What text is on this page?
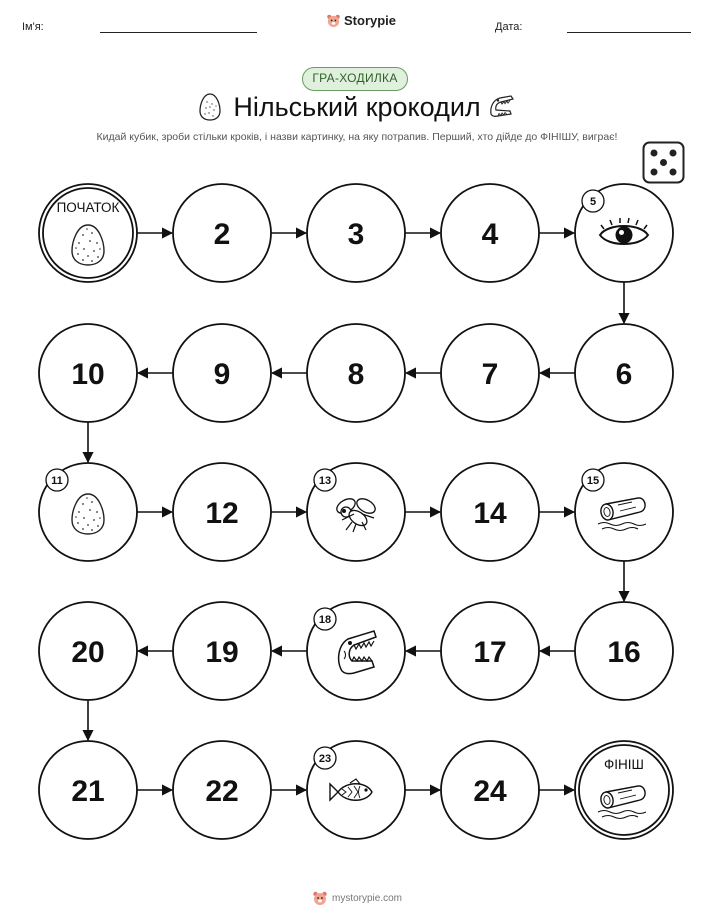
Ім'я:	Storypie	Дата:
ГРА-ХОДИЛКА
Нільський крокодил
Кидай кубик, зроби стільки кроків, і назви картинку, на яку потрапив. Перший, хто дійде до ФІНІШУ, виграє!
ПОЧАТОК
2	3	4
5
6
7
8
9
10
11
12
13
14
15
16
17
18
19
20
21	22
23
24
ФІНІШ
mystorypie.com
